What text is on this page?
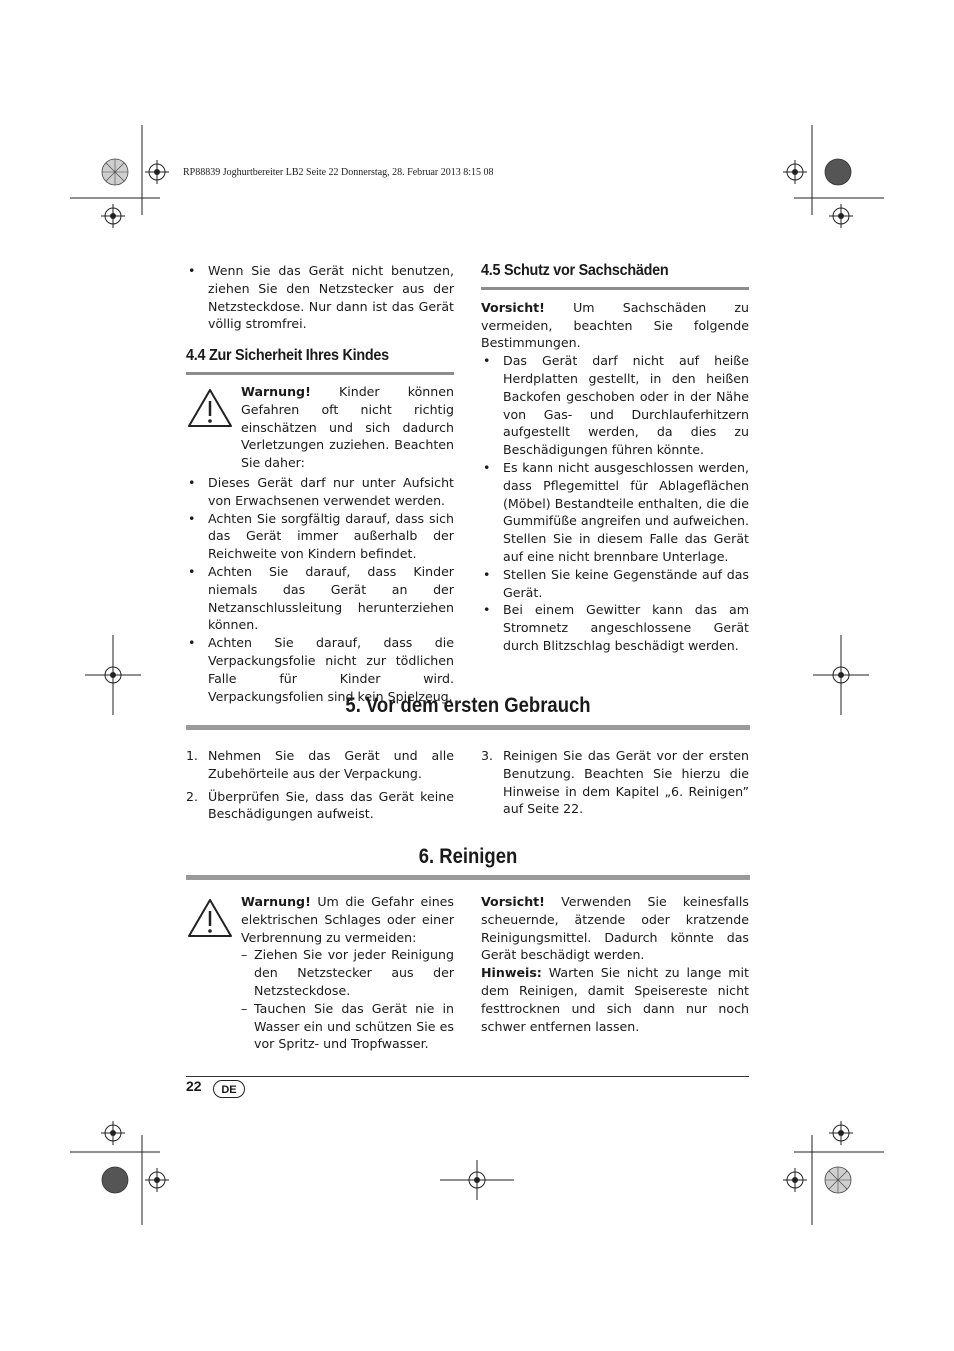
RP88839 Joghurtbereiter LB2 Seite 22 Donnerstag, 28. Februar 2013 8:15 08
• Wenn Sie das Gerät nicht benutzen, ziehen Sie den Netzstecker aus der Netzsteckdose. Nur dann ist das Gerät völlig stromfrei.
4.4 Zur Sicherheit Ihres Kindes

Warnung! Kinder können Gefahren oft nicht richtig einschätzen und sich dadurch Verletzungen zuziehen. Beachten Sie daher:

• Dieses Gerät darf nur unter Aufsicht von Erwachsenen verwendet werden.
• Achten Sie sorgfältig darauf, dass sich das Gerät immer außerhalb der Reichweite von Kindern befindet.
• Achten Sie darauf, dass Kinder niemals das Gerät an der Netzanschlussleitung herunterziehen können.
• Achten Sie darauf, dass die Verpackungsfolie nicht zur tödlichen Falle für Kinder wird. Verpackungsfolien sind kein Spielzeug.
4.5 Schutz vor Sachschäden

Vorsicht! Um Sachschäden zu vermeiden, beachten Sie folgende Bestimmungen.

• Das Gerät darf nicht auf heiße Herdplatten gestellt, in den heißen Backofen geschoben oder in der Nähe von Gas- und Durchlauferhitzern aufgestellt werden, da dies zu Beschädigungen führen könnte.
• Es kann nicht ausgeschlossen werden, dass Pflegemittel für Ablageflächen (Möbel) Bestandteile enthalten, die die Gummifüße angreifen und aufweichen. Stellen Sie in diesem Falle das Gerät auf eine nicht brennbare Unterlage.
• Stellen Sie keine Gegenstände auf das Gerät.
• Bei einem Gewitter kann das am Stromnetz angeschlossene Gerät durch Blitzschlag beschädigt werden.
5. Vor dem ersten Gebrauch
1. Nehmen Sie das Gerät und alle Zubehörteile aus der Verpackung.
2. Überprüfen Sie, dass das Gerät keine Beschädigungen aufweist.
3. Reinigen Sie das Gerät vor der ersten Benutzung. Beachten Sie hierzu die Hinweise in dem Kapitel „6. Reinigen” auf Seite 22.
6. Reinigen

Warnung! Um die Gefahr eines elektrischen Schlages oder einer Verbrennung zu vermeiden:

– Ziehen Sie vor jeder Reinigung den Netzstecker aus der Netzsteckdose.
– Tauchen Sie das Gerät nie in Wasser ein und schützen Sie es vor Spritz- und Tropfwasser.

Vorsicht! Verwenden Sie keinesfalls scheuernde, ätzende oder kratzende Reinigungsmittel. Dadurch könnte das Gerät beschädigt werden.

Hinweis: Warten Sie nicht zu lange mit dem Reinigen, damit Speisereste nicht festtrocknen und sich dann nur noch schwer entfernen lassen.

22	DE
